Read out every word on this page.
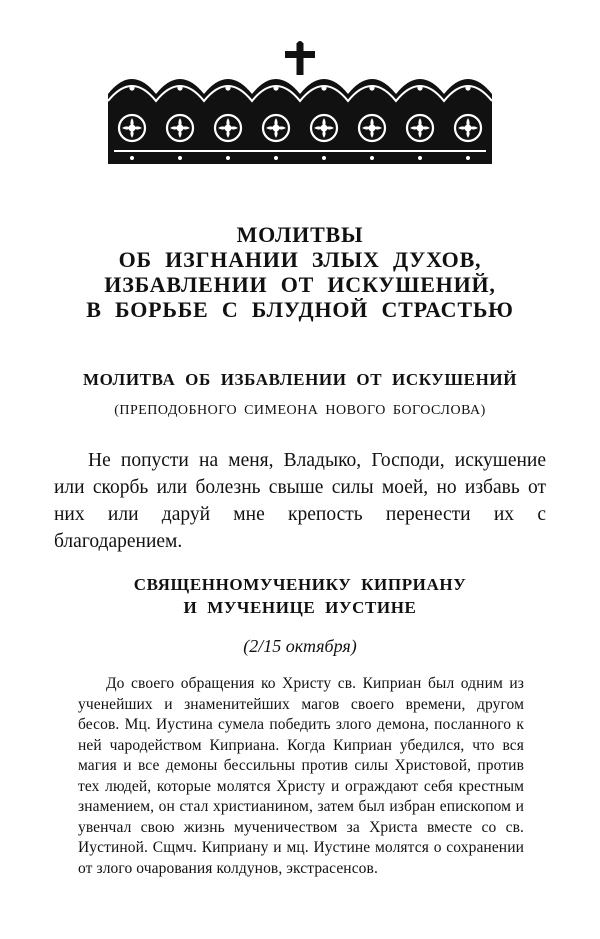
МОЛИТВЫ
ОБ ИЗГНАНИИ ЗЛЫХ ДУХОВ,
ИЗБАВЛЕНИИ ОТ ИСКУШЕНИЙ,
В БОРЬБЕ С БЛУДНОЙ СТРАСТЬЮ
МОЛИТВА ОБ ИЗБАВЛЕНИИ ОТ ИСКУШЕНИЙ
(ПРЕПОДОБНОГО СИМЕОНА НОВОГО БОГОСЛОВА)

Не попусти на меня, Владыко, Господи, искушение или скорбь или болезнь свыше силы моей, но избавь от них или даруй мне крепость перенести их с благодарением.

СВЯЩЕННОМУЧЕНИКУ КИПРИАНУ
И МУЧЕНИЦЕ ИУСТИНЕ
(2/15 октября)

До своего обращения ко Христу св. Киприан был одним из ученейших и знаменитейших магов своего времени, другом бесов. Мц. Иустина сумела победить злого демона, посланного к ней чародейством Киприана. Когда Киприан убедился, что вся магия и все демоны бессильны против силы Христовой, против тех людей, которые молятся Христу и ограждают себя крестным знамением, он стал христианином, затем был избран епископом и увенчал свою жизнь мученичеством за Христа вместе со св. Иустиной. Сщмч. Киприану и мц. Иустине молятся о сохранении от злого очарования колдунов, экстрасенсов.
